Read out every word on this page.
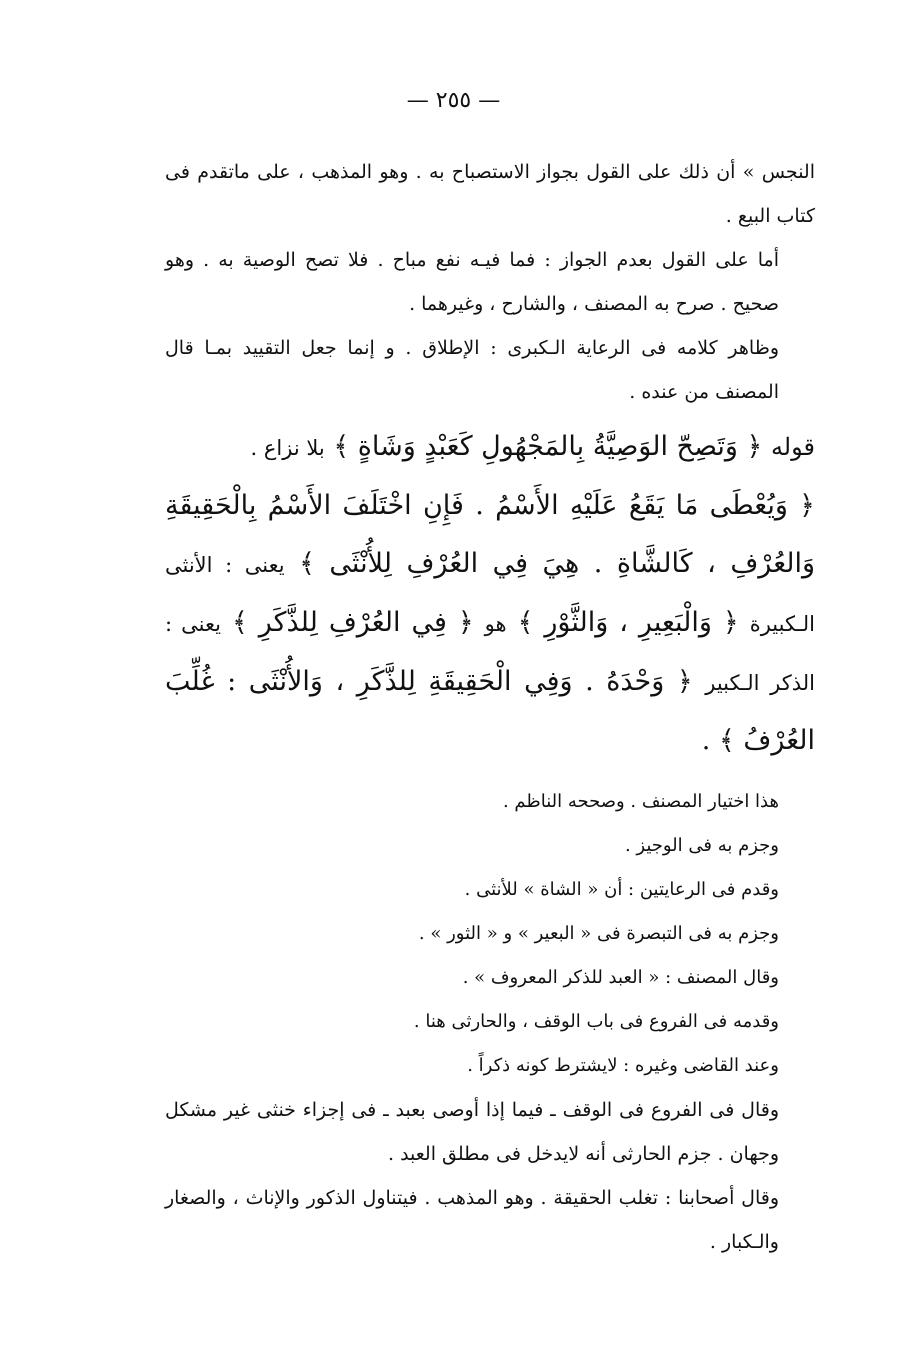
— ٢٥٥ —

النجس » أن ذلك على القول بجواز الاستصباح به . وهو المذهب ، على ماتقدم فى كتاب البيع .

أما على القول بعدم الجواز : فما فيـه نفع مباح . فلا تصح الوصية به . وهو صحيح . صرح به المصنف ، والشارح ، وغيرهما .

وظاهر كلامه فى الرعاية الـكبرى : الإطلاق . و إنما جعل التقييد بمـا قال المصنف من عنده .

قوله ﴿ وَتَصِحّ الوَصِيَّةُ بِالمَجْهُولِ كَعَبْدٍ وَشَاةٍ ﴾ بلا نزاع .
﴿ وَيُعْطَى مَا يَقَعُ عَلَيْهِ الأَسْمُ . فَإِنِ اخْتَلَفَ الأَسْمُ بِالْحَقِيقَةِ وَالعُرْفِ ، كَالشَّاةِ . هِيَ فِي العُرْفِ لِلأُنْثَى ﴾ يعنى : الأنثى الـكبيرة ﴿ وَالْبَعِيرِ ، وَالثَّوْرِ ﴾ هو ﴿ فِي العُرْفِ لِلذَّكَرِ ﴾ يعنى : الذكر الـكبير ﴿ وَحْدَهُ . وَفِي الْحَقِيقَةِ لِلذَّكَرِ ، وَالأُنْثَى : غُلِّبَ العُرْفُ ﴾ .

هذا اختيار المصنف . وصححه الناظم .

وجزم به فى الوجيز .

وقدم فى الرعايتين : أن « الشاة » للأنثى .

وجزم به فى التبصرة فى « البعير » و « الثور » .

وقال المصنف : « العبد للذكر المعروف » .

وقدمه فى الفروع فى باب الوقف ، والحارثى هنا .

وعند القاضى وغيره : لايشترط كونه ذكراً .

وقال فى الفروع فى الوقف ـ فيما إذا أوصى بعبد ـ فى إجزاء خنثى غير مشكل وجهان . جزم الحارثى أنه لايدخل فى مطلق العبد .

وقال أصحابنا : تغلب الحقيقة . وهو المذهب . فيتناول الذكور والإناث ، والصغار والـكبار .
